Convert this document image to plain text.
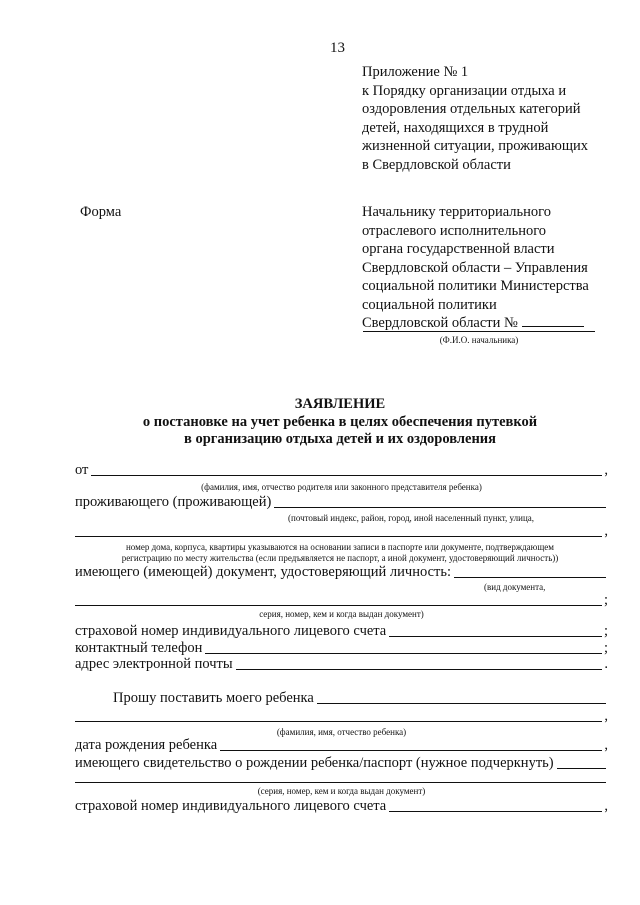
13
Приложение № 1
к Порядку организации отдыха и
оздоровления отдельных категорий
детей, находящихся в трудной
жизненной ситуации, проживающих
в Свердловской области
Форма	Начальнику территориального
отраслевого исполнительного
органа государственной власти
Свердловской области – Управления
социальной политики Министерства
социальной политики
Свердловской области №
(Ф.И.О. начальника)
ЗАЯВЛЕНИЕ
о постановке на учет ребенка в целях обеспечения путевкой
в организацию отдыха детей и их оздоровления
от	,
(фамилия, имя, отчество родителя или законного представителя ребенка)
проживающего (проживающей)
(почтовый индекс, район, город, иной населенный пункт, улица,
,
номер дома, корпуса, квартиры указываются на основании записи в паспорте или документе, подтверждающем
регистрацию по месту жительства (если предъявляется не паспорт, а иной документ, удостоверяющий личность))
имеющего (имеющей) документ, удостоверяющий личность:
(вид документа,
;
серия, номер, кем и когда выдан документ)
страховой номер индивидуального лицевого счета	;
контактный телефон	;
адрес электронной почты	.
Прошу поставить моего ребенка
,
(фамилия, имя, отчество ребенка)
дата рождения ребенка	,
имеющего свидетельство о рождении ребенка/паспорт (нужное подчеркнуть)
(серия, номер, кем и когда выдан документ)
страховой номер индивидуального лицевого счета	,
